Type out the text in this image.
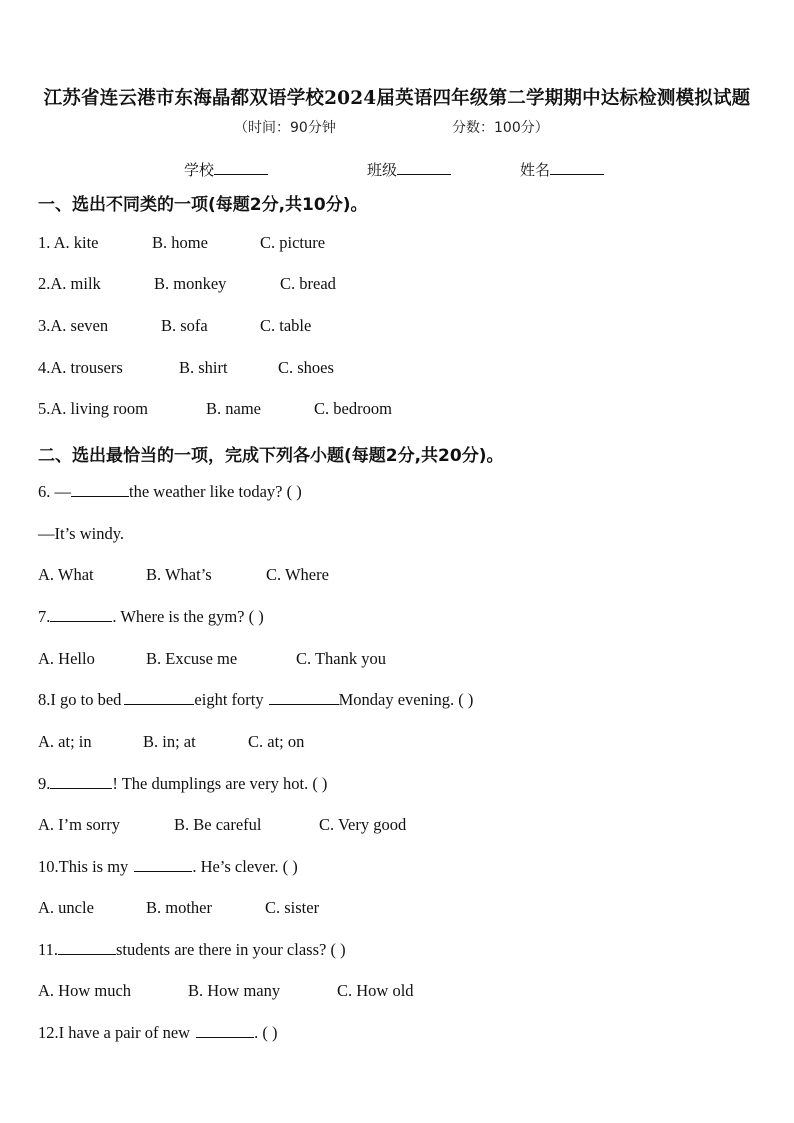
江苏省连云港市东海晶都双语学校2024届英语四年级第二学期期中达标检测模拟试题
（时间：90分钟	分数：100分）
学校	班级	姓名
一、选出不同类的一项(每题2分,共10分)。
1. A. kite	B. home	C. picture
2.A. milk	B. monkey	C. bread
3.A. seven	B. sofa	C. table
4.A. trousers	B. shirt	C. shoes
5.A. living room	B. name	C. bedroom
二、选出最恰当的一项，完成下列各小题(每题2分,共20分)。
6. —	the weather like today? ( )
—It’s windy.
A. What	B. What’s	C. Where
7.	. Where is the gym? ( )
A. Hello	B. Excuse me	C. Thank you
8.I go to bed	eight forty	Monday evening. ( )
A. at; in	B. in; at	C. at; on
9.	! The dumplings are very hot. ( )
A. I’m sorry	B. Be careful	C. Very good
10.This is my	. He’s clever. ( )
A. uncle	B. mother	C. sister
11.	students are there in your class? ( )
A. How much	B. How many	C. How old
12.I have a pair of new	. ( )
